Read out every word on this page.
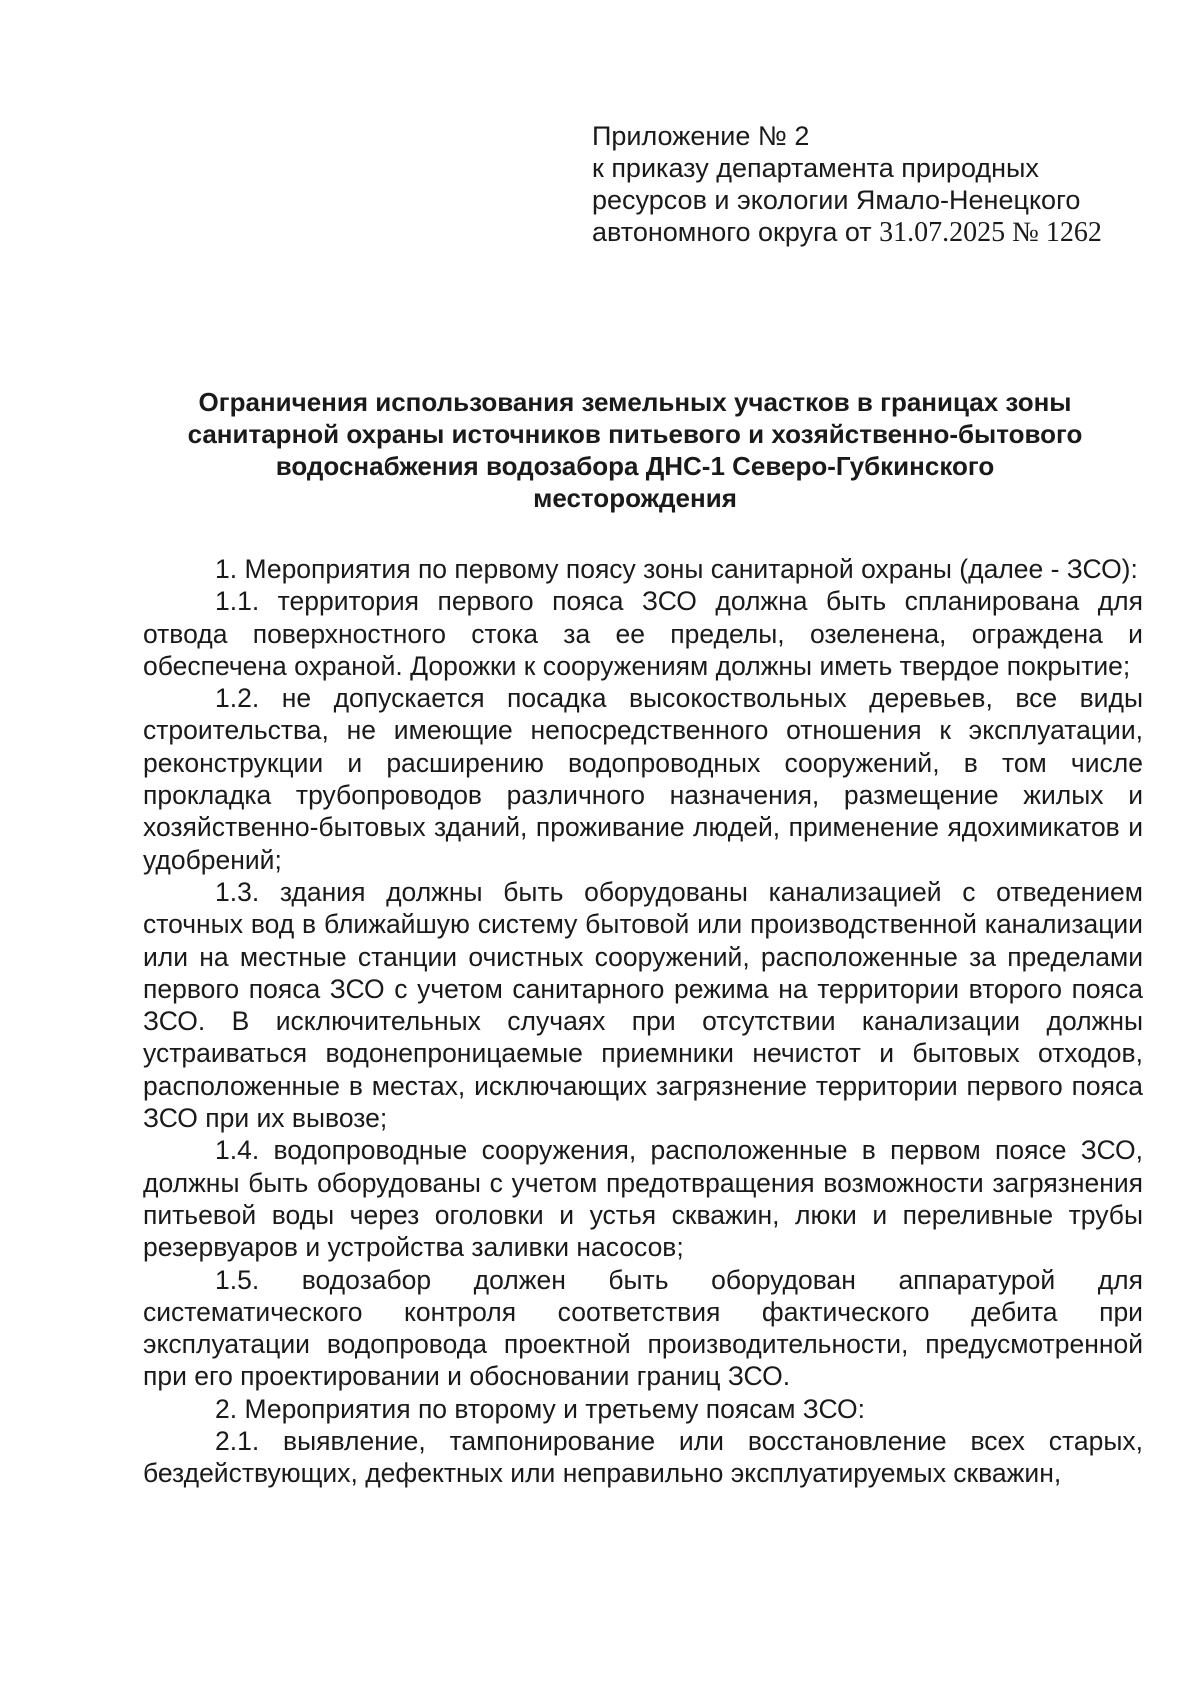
Приложение № 2
к приказу департамента природных
ресурсов и экологии Ямало-Ненецкого
автономного округа от 31.07.2025 № 1262
Ограничения использования земельных участков в границах зоны
санитарной охраны источников питьевого и хозяйственно-бытового
водоснабжения водозабора ДНС-1 Северо-Губкинского
месторождения

1. Мероприятия по первому поясу зоны санитарной охраны (далее - ЗСО):

1.1. территория первого пояса ЗСО должна быть спланирована для отвода поверхностного стока за ее пределы, озеленена, ограждена и обеспечена охраной. Дорожки к сооружениям должны иметь твердое покрытие;

1.2. не допускается посадка высокоствольных деревьев, все виды строительства, не имеющие непосредственного отношения к эксплуатации, реконструкции и расширению водопроводных сооружений, в том числе прокладка трубопроводов различного назначения, размещение жилых и хозяйственно-бытовых зданий, проживание людей, применение ядохимикатов и удобрений;

1.3. здания должны быть оборудованы канализацией с отведением сточных вод в ближайшую систему бытовой или производственной канализации или на местные станции очистных сооружений, расположенные за пределами первого пояса ЗСО с учетом санитарного режима на территории второго пояса ЗСО. В исключительных случаях при отсутствии канализации должны устраиваться водонепроницаемые приемники нечистот и бытовых отходов, расположенные в местах, исключающих загрязнение территории первого пояса ЗСО при их вывозе;

1.4. водопроводные сооружения, расположенные в первом поясе ЗСО, должны быть оборудованы с учетом предотвращения возможности загрязнения питьевой воды через оголовки и устья скважин, люки и переливные трубы резервуаров и устройства заливки насосов;

1.5. водозабор должен быть оборудован аппаратурой для систематического контроля соответствия фактического дебита при эксплуатации водопровода проектной производительности, предусмотренной при его проектировании и обосновании границ ЗСО.

2. Мероприятия по второму и третьему поясам ЗСО:

2.1. выявление, тампонирование или восстановление всех старых, бездействующих, дефектных или неправильно эксплуатируемых скважин,
